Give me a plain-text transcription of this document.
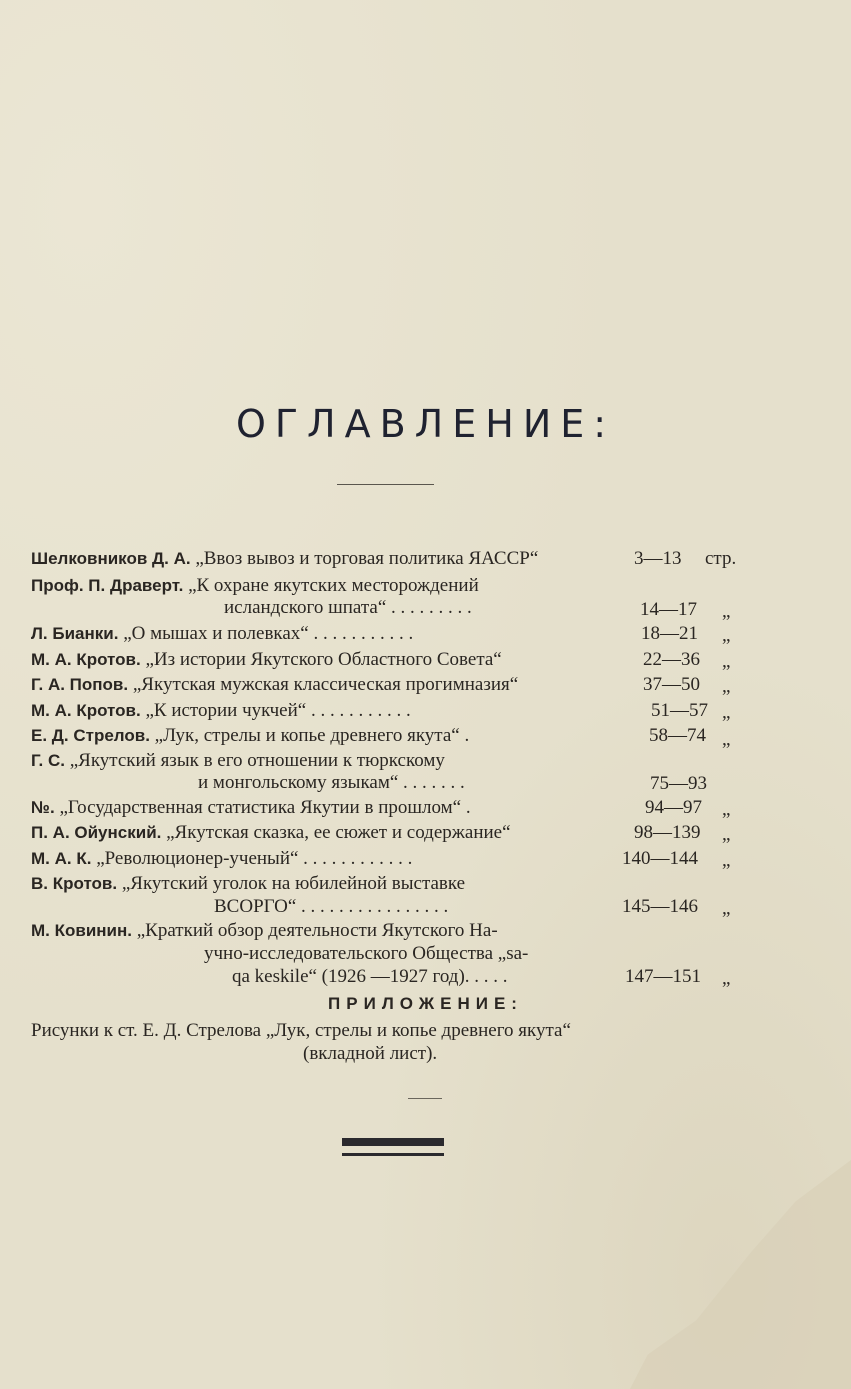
ОГЛАВЛЕНИЕ:
Шелковников Д. А. „Ввоз вывоз и торговая политика ЯАССР“	3—13 стр.
Проф. П. Драверт. „К охране якутских месторождений
исландского шпата“ . . . . . . . . .	14—17 „
Л. Бианки. „О мышах и полевках“ . . . . . . . . . . .	18—21 „
М. А. Кротов. „Из истории Якутского Областного Совета“	22—36 „
Г. А. Попов. „Якутская мужская классическая прогимназия“	37—50 „
М. А. Кротов. „К истории чукчей“ . . . . . . . . . . .	51—57 „
Е. Д. Стрелов. „Лук, стрелы и копье древнего якута“ .	58—74 „
Г. С. „Якутский язык в его отношении к тюркскому
и монгольскому языкам“ . . . . . . .	75—93
№. „Государственная статистика Якутии в прошлом“ .	94—97 „
П. А. Ойунский. „Якутская сказка, ее сюжет и содержание“	98—139 „
М. А. К. „Революционер-ученый“ . . . . . . . . . . . .	140—144 „
В. Кротов. „Якутский уголок на юбилейной выставке
ВСОРГО“ . . . . . . . . . . . . . . . .	145—146 „
М. Ковинин. „Краткий обзор деятельности Якутского На-
учно-исследовательского Общества „sa-
qa keskile“ (1926 —1927 год). . . . .	147—151 „
ПРИЛОЖЕНИЕ:
Рисунки к ст. Е. Д. Стрелова „Лук, стрелы и копье древнего якута“
(вкладной лист).
